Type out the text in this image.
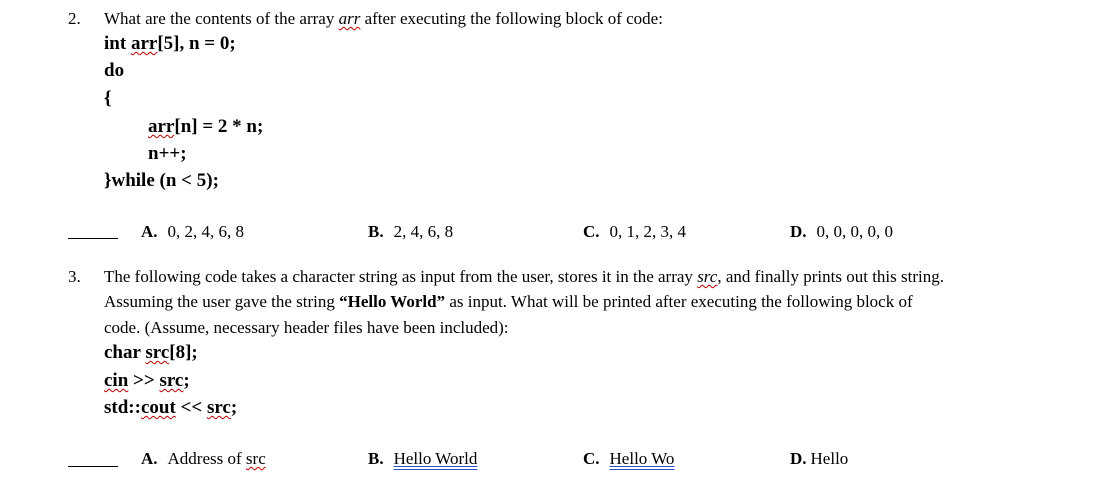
2. What are the contents of the array arr after executing the following block of code:
int arr[5], n = 0;
do
{
arr[n] = 2 * n;
n++;
}while (n < 5);
A. 0, 2, 4, 6, 8	B. 2, 4, 6, 8	C. 0, 1, 2, 3, 4	D. 0, 0, 0, 0, 0
3. The following code takes a character string as input from the user, stores it in the array src, and finally prints out this string.
Assuming the user gave the string “Hello World” as input. What will be printed after executing the following block of
code. (Assume, necessary header files have been included):
char src[8];
cin >> src;
std::cout << src;
A. Address of src	B. Hello World	C. Hello Wo	D. Hello
